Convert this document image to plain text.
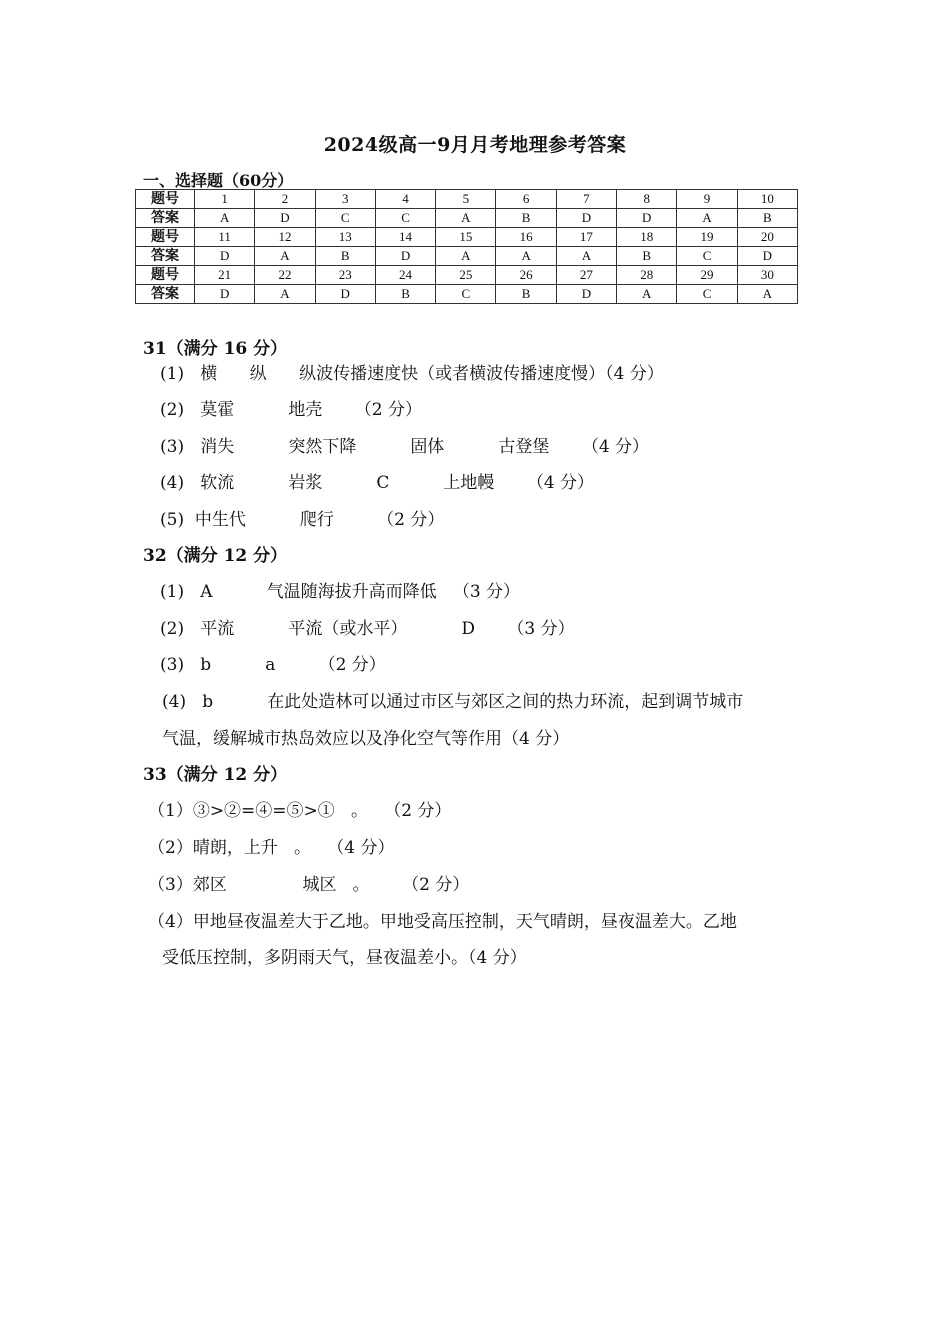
2024级高一9月月考地理参考答案
一、选择题（60分）
题号	1	2	3	4	5	6	7	8	9	10
答案	A	D	C	C	A	B	D	D	A	B
题号	11	12	13	14	15	16	17	18	19	20
答案	D	A	B	D	A	A	A	B	C	D
题号	21	22	23	24	25	26	27	28	29	30
答案	D	A	D	B	C	B	D	A	C	A
31（满分 16 分）
(1)   横      纵      纵波传播速度快（或者横波传播速度慢）（4 分）
(2)   莫霍          地壳      （2 分）
(3)   消失          突然下降          固体          古登堡      （4 分）
(4)   软流          岩浆          C          上地幔      （4 分）
(5)  中生代          爬行        （2 分）
32（满分 12 分）
(1)   A          气温随海拔升高而降低   （3 分）
(2)   平流          平流（或水平）          D      （3 分）
(3)   b          a        （2 分）
(4)   b          在此处造林可以通过市区与郊区之间的热力环流，起到调节城市
气温，缓解城市热岛效应以及净化空气等作用（4 分）
33（满分 12 分）
（1）③>②=④=⑤>①   。   （2 分）
（2）晴朗，上升   。   （4 分）
（3）郊区              城区   。      （2 分）
（4）甲地昼夜温差大于乙地。甲地受高压控制，天气晴朗，昼夜温差大。乙地
受低压控制，多阴雨天气，昼夜温差小。（4 分）
